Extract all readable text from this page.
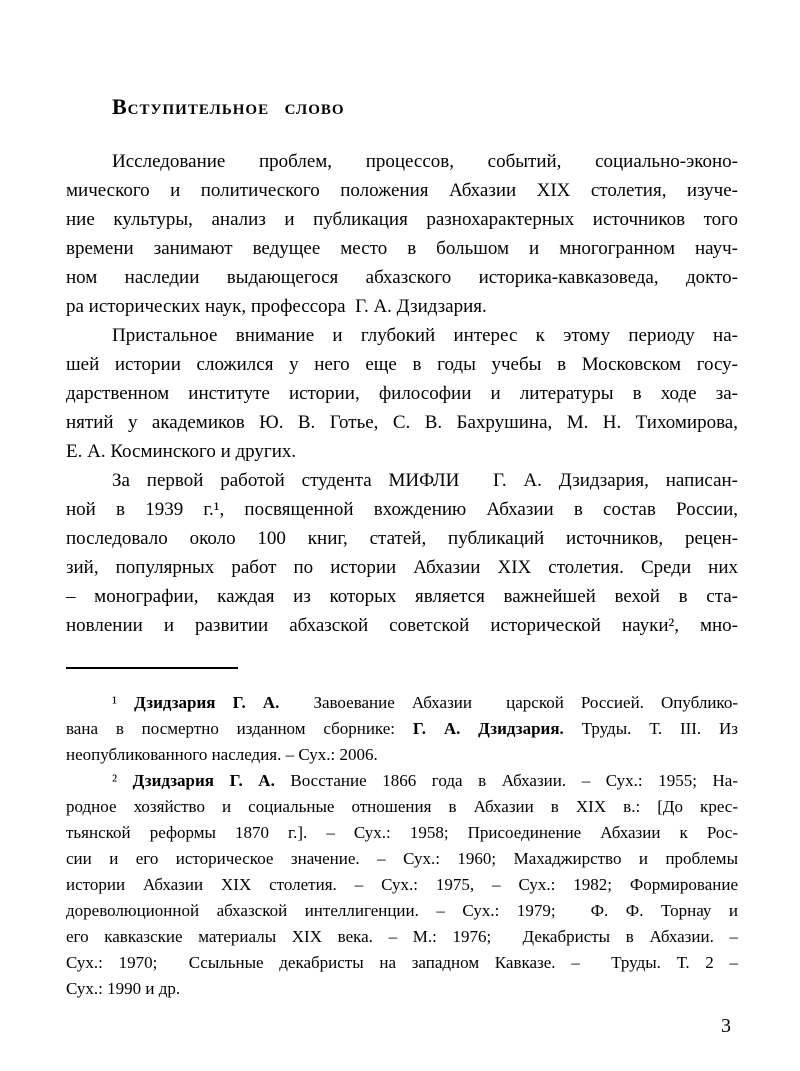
Вступительное слово
Исследование проблем, процессов, событий, социально-эконо-
мического и политического положения Абхазии XIX столетия, изуче-
ние культуры, анализ и публикация разнохарактерных источников того
времени занимают ведущее место в большом и многогранном науч-
ном наследии выдающегося абхазского историка-кавказоведа, докто-
ра исторических наук, профессора  Г. А. Дзидзария.
Пристальное внимание и глубокий интерес к этому периоду на-
шей истории сложился у него еще в годы учебы в Московском госу-
дарственном институте истории, философии и литературы в ходе за-
нятий у академиков Ю. В. Готье, С. В. Бахрушина, М. Н. Тихомирова,
Е. А. Косминского и других.
За первой работой студента МИФЛИ  Г. А. Дзидзария, написан-
ной в 1939 г.¹, посвященной вхождению Абхазии в состав России,
последовало около 100 книг, статей, публикаций источников, рецен-
зий, популярных работ по истории Абхазии XIX столетия. Среди них
– монографии, каждая из которых является важнейшей вехой в ста-
новлении и развитии абхазской советской исторической науки², мно-
¹ Дзидзария Г. А.  Завоевание Абхазии  царской Россией. Опублико-
вана в посмертно изданном сборнике: Г. А. Дзидзария. Труды. Т. III. Из
неопубликованного наследия. – Сух.: 2006.
² Дзидзария Г. А. Восстание 1866 года в Абхазии. – Сух.: 1955; На-
родное хозяйство и социальные отношения в Абхазии в XIX в.: [До крес-
тьянской реформы 1870 г.]. – Сух.: 1958; Присоединение Абхазии к Рос-
сии и его историческое значение. – Сух.: 1960; Махаджирство и проблемы
истории Абхазии XIX столетия. – Сух.: 1975, – Сух.: 1982; Формирование
дореволюционной абхазской интеллигенции. – Сух.: 1979;  Ф. Ф. Торнау и
его кавказские материалы XIX века. – М.: 1976;  Декабристы в Абхазии. –
Сух.: 1970;  Ссыльные декабристы на западном Кавказе. –  Труды. Т. 2 –
Сух.: 1990 и др.
3
